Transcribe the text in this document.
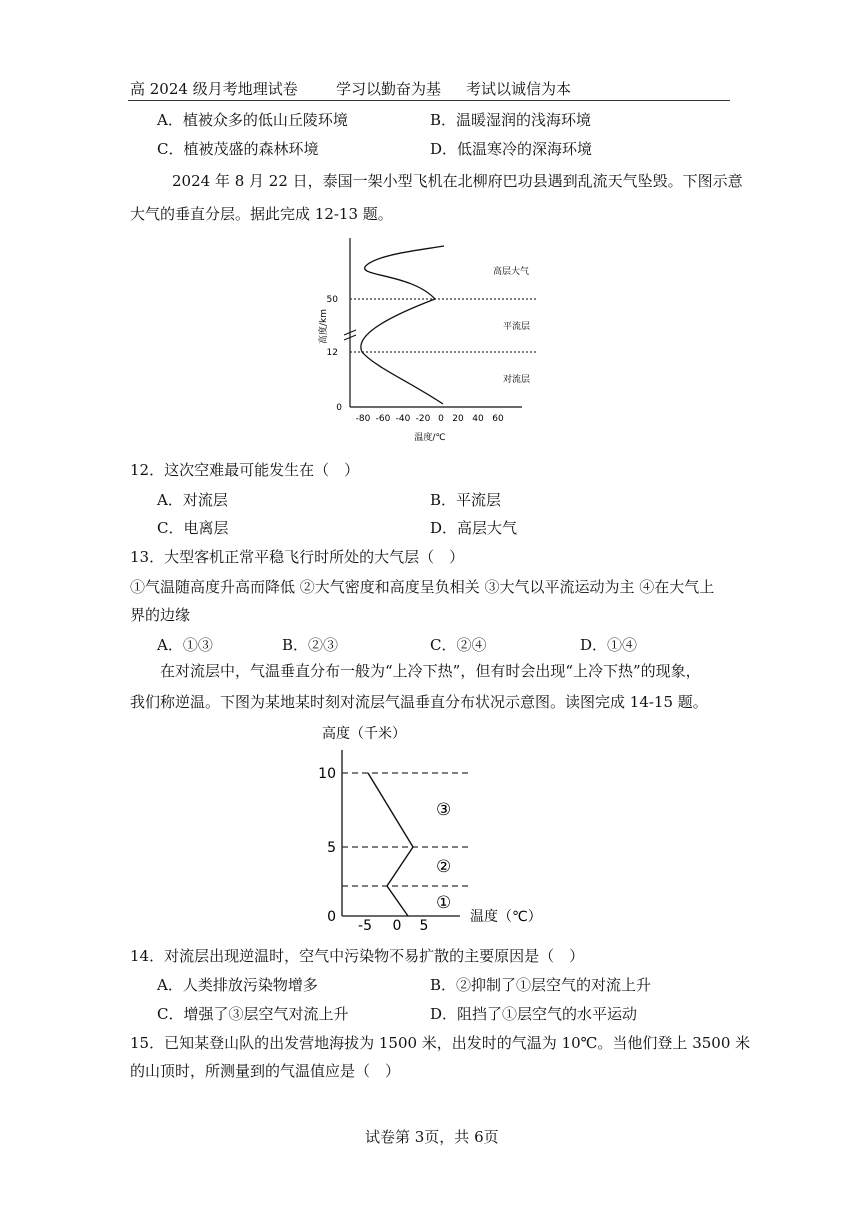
高 2024 级月考地理试卷	学习以勤奋为基 考试以诚信为本
A．植被众多的低山丘陵环境	B．温暖湿润的浅海环境
C．植被茂盛的森林环境	D．低温寒冷的深海环境
2024 年 8 月 22 日，泰国一架小型飞机在北柳府巴功县遇到乱流天气坠毁。下图示意
大气的垂直分层。据此完成 12-13 题。
50
12
0
高度/km
-80 -60 -40 -20 0 20 40 60
温度/℃
高层大气
平流层
对流层
12．这次空难最可能发生在（　）
A．对流层	B．平流层
C．电离层	D．高层大气
13．大型客机正常平稳飞行时所处的大气层（　）
①气温随高度升高而降低 ②大气密度和高度呈负相关 ③大气以平流运动为主 ④在大气上
界的边缘
A．①③	B．②③	C．②④	D．①④
在对流层中，气温垂直分布一般为“上冷下热”，但有时会出现“上冷下热”的现象，
我们称逆温。下图为某地某时刻对流层气温垂直分布状况示意图。读图完成 14-15 题。
高度（千米）
10
5
0
-5 0 5
温度（℃）
③
②
①
14．对流层出现逆温时，空气中污染物不易扩散的主要原因是（　）
A．人类排放污染物增多	B．②抑制了①层空气的对流上升
C．增强了③层空气对流上升	D．阻挡了①层空气的水平运动
15．已知某登山队的出发营地海拔为 1500 米，出发时的气温为 10℃。当他们登上 3500 米
的山顶时，所测量到的气温值应是（　）
试卷第 3页，共 6页
